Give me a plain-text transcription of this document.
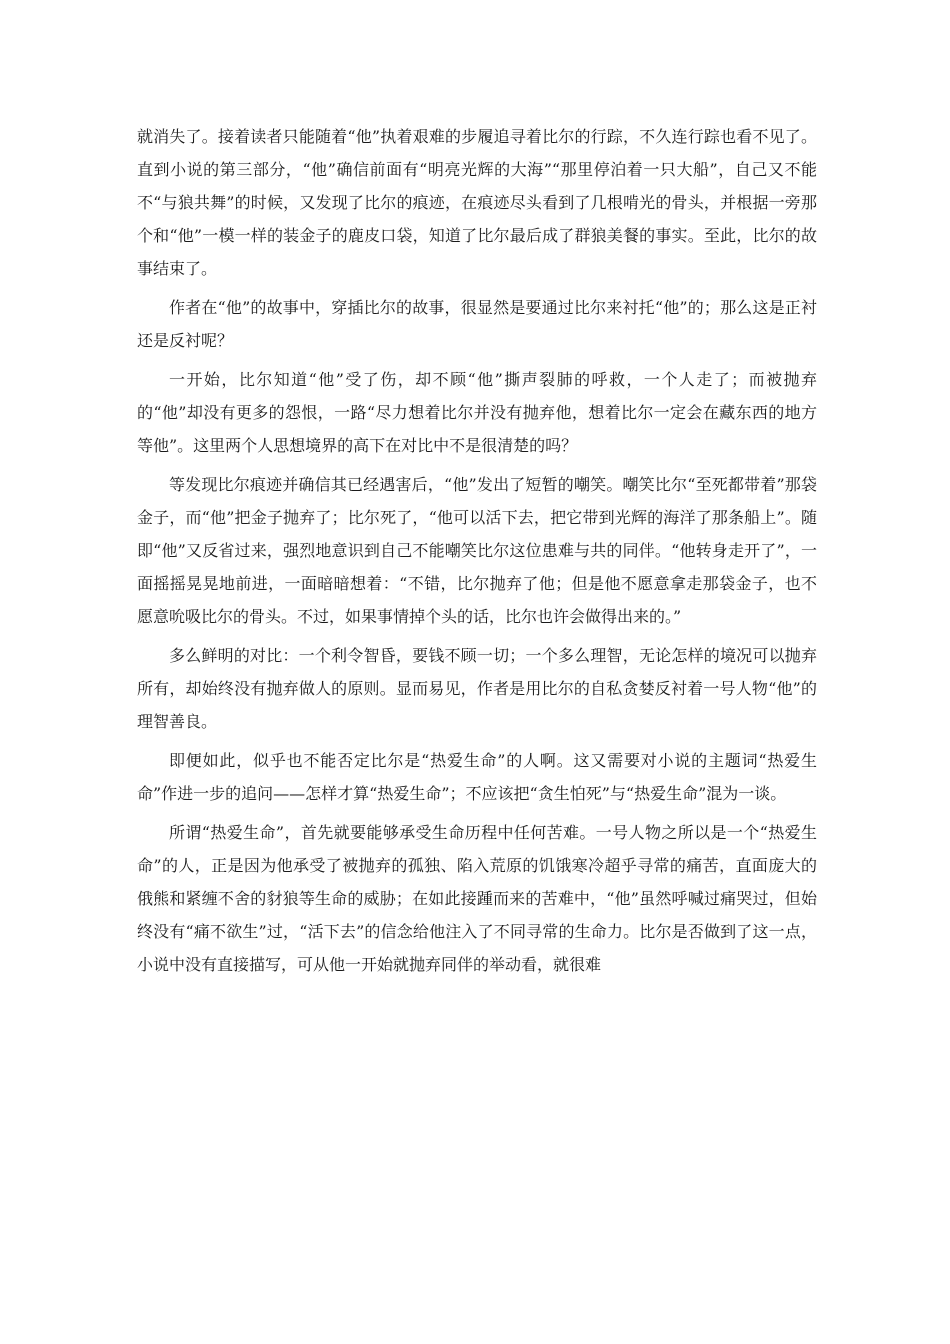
就消失了。接着读者只能随着“他”执着艰难的步履追寻着比尔的行踪，不久连行踪也看不见了。直到小说的第三部分，“他”确信前面有“明亮光辉的大海”“那里停泊着一只大船”，自己又不能不“与狼共舞”的时候，又发现了比尔的痕迹，在痕迹尽头看到了几根啃光的骨头，并根据一旁那个和“他”一模一样的装金子的鹿皮口袋，知道了比尔最后成了群狼美餐的事实。至此，比尔的故事结束了。

作者在“他”的故事中，穿插比尔的故事，很显然是要通过比尔来衬托“他”的；那么这是正衬还是反衬呢？

一开始，比尔知道“他”受了伤，却不顾“他”撕声裂肺的呼救，一个人走了；而被抛弃的“他”却没有更多的怨恨，一路“尽力想着比尔并没有抛弃他，想着比尔一定会在藏东西的地方等他”。这里两个人思想境界的高下在对比中不是很清楚的吗？

等发现比尔痕迹并确信其已经遇害后，“他”发出了短暂的嘲笑。嘲笑比尔“至死都带着”那袋金子，而“他”把金子抛弃了；比尔死了，“他可以活下去，把它带到光辉的海洋了那条船上”。随即“他”又反省过来，强烈地意识到自己不能嘲笑比尔这位患难与共的同伴。“他转身走开了”，一面摇摇晃晃地前进，一面暗暗想着：“不错，比尔抛弃了他；但是他不愿意拿走那袋金子，也不愿意吮吸比尔的骨头。不过，如果事情掉个头的话，比尔也许会做得出来的。”

多么鲜明的对比：一个利令智昏，要钱不顾一切；一个多么理智，无论怎样的境况可以抛弃所有，却始终没有抛弃做人的原则。显而易见，作者是用比尔的自私贪婪反衬着一号人物“他”的理智善良。

即便如此，似乎也不能否定比尔是“热爱生命”的人啊。这又需要对小说的主题词“热爱生命”作进一步的追问——怎样才算“热爱生命”；不应该把“贪生怕死”与“热爱生命”混为一谈。

所谓“热爱生命”，首先就要能够承受生命历程中任何苦难。一号人物之所以是一个“热爱生命”的人，正是因为他承受了被抛弃的孤独、陷入荒原的饥饿寒冷超乎寻常的痛苦，直面庞大的俄熊和紧缠不舍的豺狼等生命的威胁；在如此接踵而来的苦难中，“他”虽然呼喊过痛哭过，但始终没有“痛不欲生”过，“活下去”的信念给他注入了不同寻常的生命力。比尔是否做到了这一点，小说中没有直接描写，可从他一开始就抛弃同伴的举动看，就很难
